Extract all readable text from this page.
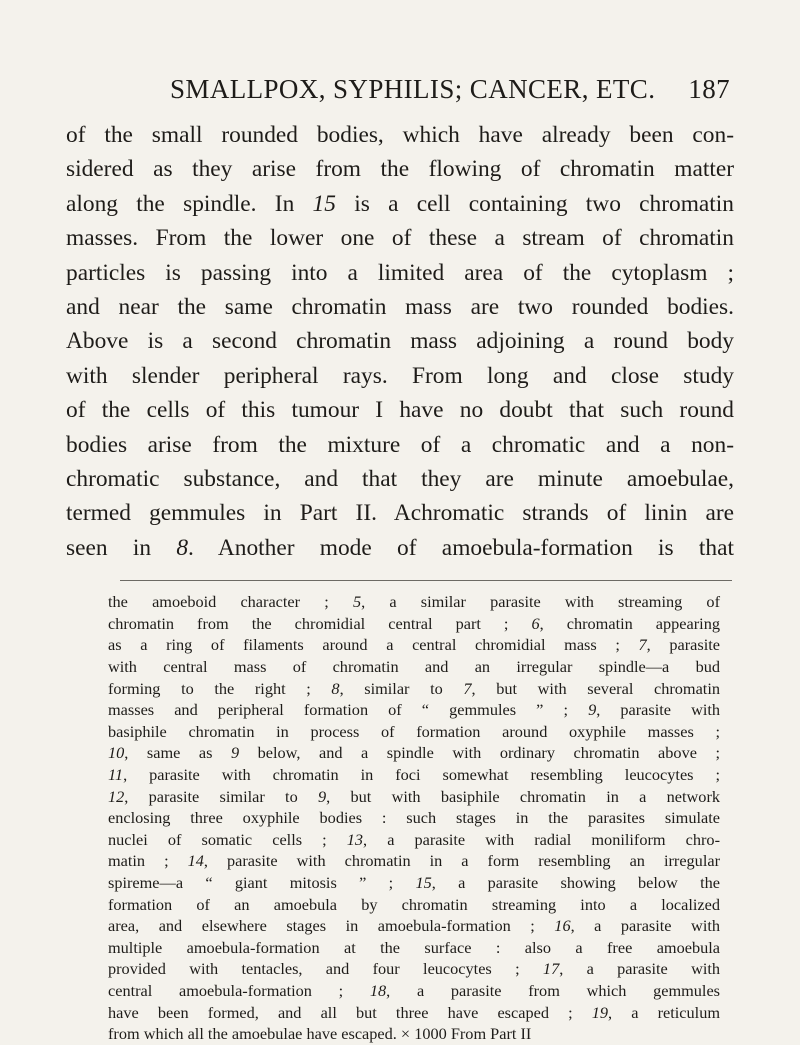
SMALLPOX, SYPHILIS; CANCER, ETC. 187
of the small rounded bodies, which have already been con-
sidered as they arise from the flowing of chromatin matter
along the spindle. In 15 is a cell containing two chromatin
masses. From the lower one of these a stream of chromatin
particles is passing into a limited area of the cytoplasm ;
and near the same chromatin mass are two rounded bodies.
Above is a second chromatin mass adjoining a round body
with slender peripheral rays. From long and close study
of the cells of this tumour I have no doubt that such round
bodies arise from the mixture of a chromatic and a non-
chromatic substance, and that they are minute amoebulae,
termed gemmules in Part II. Achromatic strands of linin are
seen in 8. Another mode of amoebula-formation is that
the amoeboid character ; 5, a similar parasite with streaming of
chromatin from the chromidial central part ; 6, chromatin appearing
as a ring of filaments around a central chromidial mass ; 7, parasite
with central mass of chromatin and an irregular spindle—a bud
forming to the right ; 8, similar to 7, but with several chromatin
masses and peripheral formation of “ gemmules ” ; 9, parasite with
basiphile chromatin in process of formation around oxyphile masses ;
10, same as 9 below, and a spindle with ordinary chromatin above ;
11, parasite with chromatin in foci somewhat resembling leucocytes ;
12, parasite similar to 9, but with basiphile chromatin in a network
enclosing three oxyphile bodies : such stages in the parasites simulate
nuclei of somatic cells ; 13, a parasite with radial moniliform chro-
matin ; 14, parasite with chromatin in a form resembling an irregular
spireme—a “ giant mitosis ” ; 15, a parasite showing below the
formation of an amoebula by chromatin streaming into a localized
area, and elsewhere stages in amoebula-formation ; 16, a parasite with
multiple amoebula-formation at the surface : also a free amoebula
provided with tentacles, and four leucocytes ; 17, a parasite with
central amoebula-formation ; 18, a parasite from which gemmules
have been formed, and all but three have escaped ; 19, a reticulum
from which all the amoebulae have escaped. × 1000 From Part II
